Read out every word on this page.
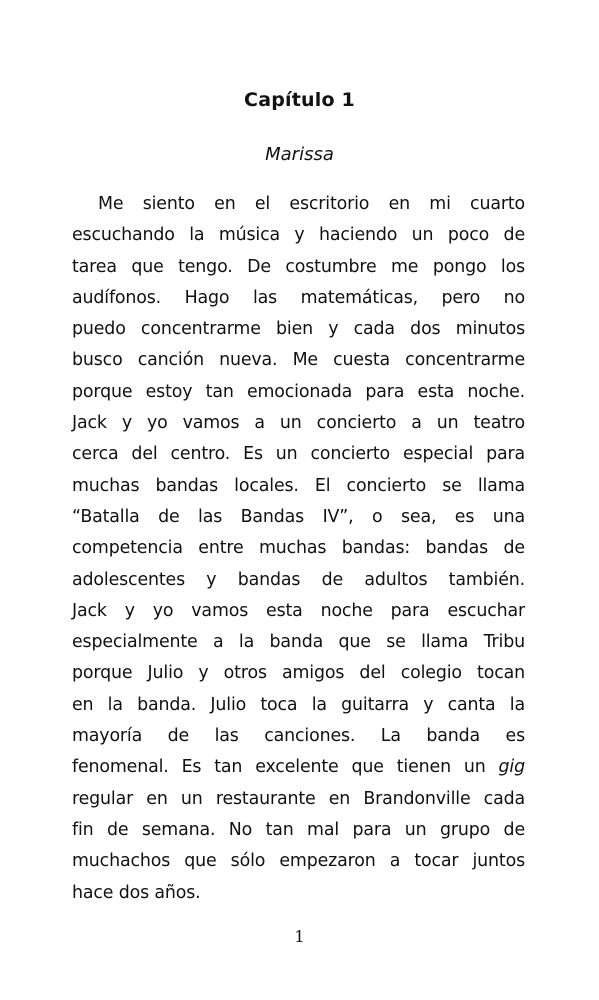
Capítulo 1
Marissa
Me siento en el escritorio en mi cuarto
escuchando la música y haciendo un poco de
tarea que tengo. De costumbre me pongo los
audífonos. Hago las matemáticas, pero no
puedo concentrarme bien y cada dos minutos
busco canción nueva. Me cuesta concentrarme
porque estoy tan emocionada para esta noche.
Jack y yo vamos a un concierto a un teatro
cerca del centro. Es un concierto especial para
muchas bandas locales. El concierto se llama
“Batalla de las Bandas IV”, o sea, es una
competencia entre muchas bandas: bandas de
adolescentes y bandas de adultos también.
Jack y yo vamos esta noche para escuchar
especialmente a la banda que se llama Tribu
porque Julio y otros amigos del colegio tocan
en la banda. Julio toca la guitarra y canta la
mayoría de las canciones. La banda es
fenomenal. Es tan excelente que tienen un gig
regular en un restaurante en Brandonville cada
fin de semana. No tan mal para un grupo de
muchachos que sólo empezaron a tocar juntos
hace dos años.
1
